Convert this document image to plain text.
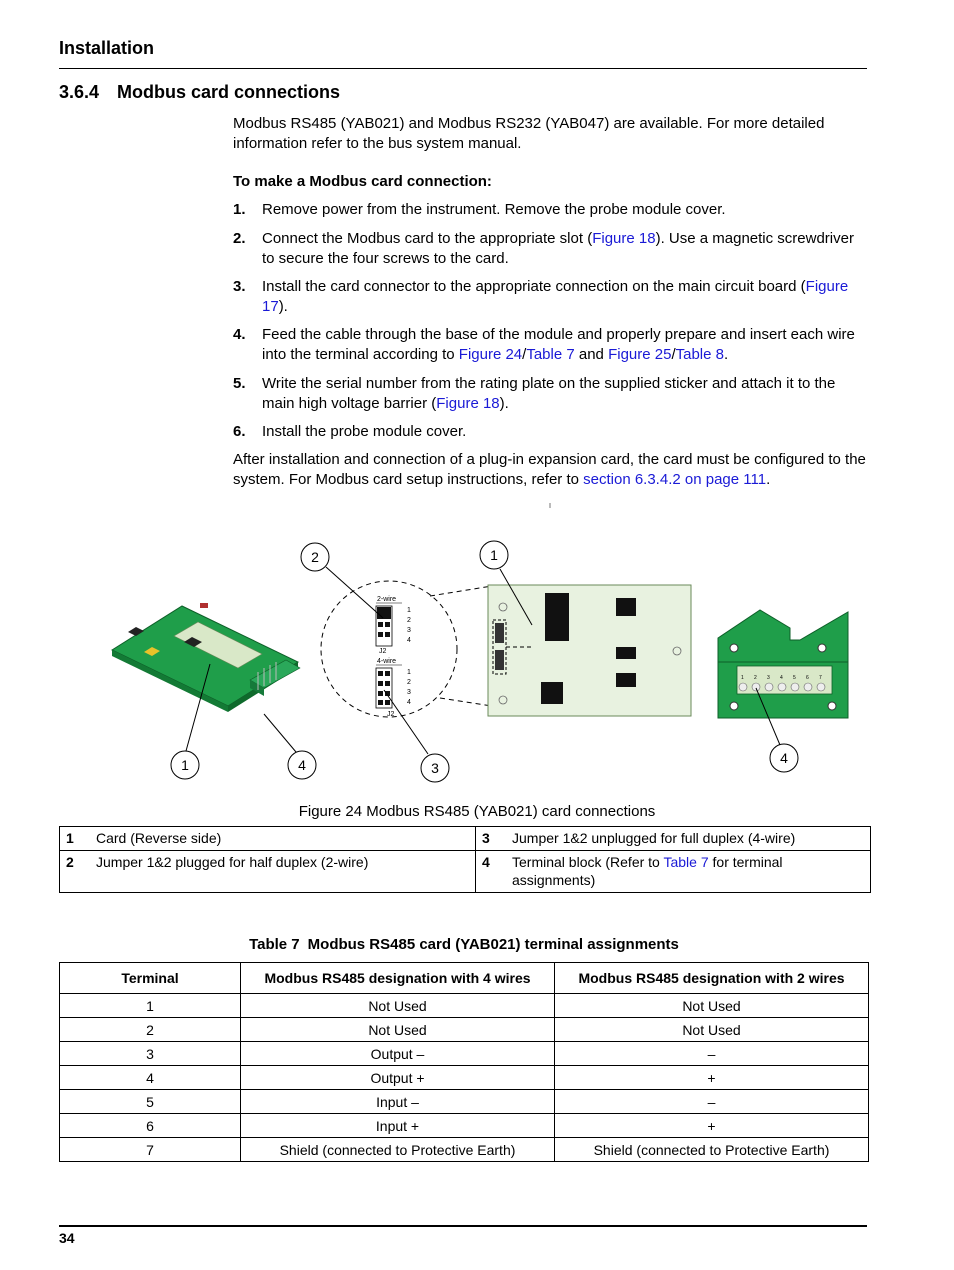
Installation
3.6.4 Modbus card connections
Modbus RS485 (YAB021) and Modbus RS232 (YAB047) are available. For more detailed information refer to the bus system manual.
To make a Modbus card connection:
1. Remove power from the instrument. Remove the probe module cover.
2. Connect the Modbus card to the appropriate slot (Figure 18). Use a magnetic screwdriver to secure the four screws to the card.
3. Install the card connector to the appropriate connection on the main circuit board (Figure 17).
4. Feed the cable through the base of the module and properly prepare and insert each wire into the terminal according to Figure 24/Table 7 and Figure 25/Table 8.
5. Write the serial number from the rating plate on the supplied sticker and attach it to the main high voltage barrier (Figure 18).
6. Install the probe module cover.
After installation and connection of a plug-in expansion card, the card must be configured to the system. For Modbus card setup instructions, refer to section 6.3.4.2 on page 111.
2-wire
1
2
3
4
J2
4-wire
1
2
3
4
J2
1 2 3 4 5 6 7
2	1
1	4	3
4
Figure 24 Modbus RS485 (YAB021) card connections
1	Card (Reverse side)	3	Jumper 1&2 unplugged for full duplex (4-wire)
2	Jumper 1&2 plugged for half duplex (2-wire)	4	Terminal block (Refer to Table 7 for terminal assignments)
Table 7 Modbus RS485 card (YAB021) terminal assignments
Terminal	Modbus RS485 designation with 4 wires	Modbus RS485 designation with 2 wires
1	Not Used	Not Used
2	Not Used	Not Used
3	Output –	–
4	Output +	+
5	Input –	–
6	Input +	+
7	Shield (connected to Protective Earth)	Shield (connected to Protective Earth)
34
